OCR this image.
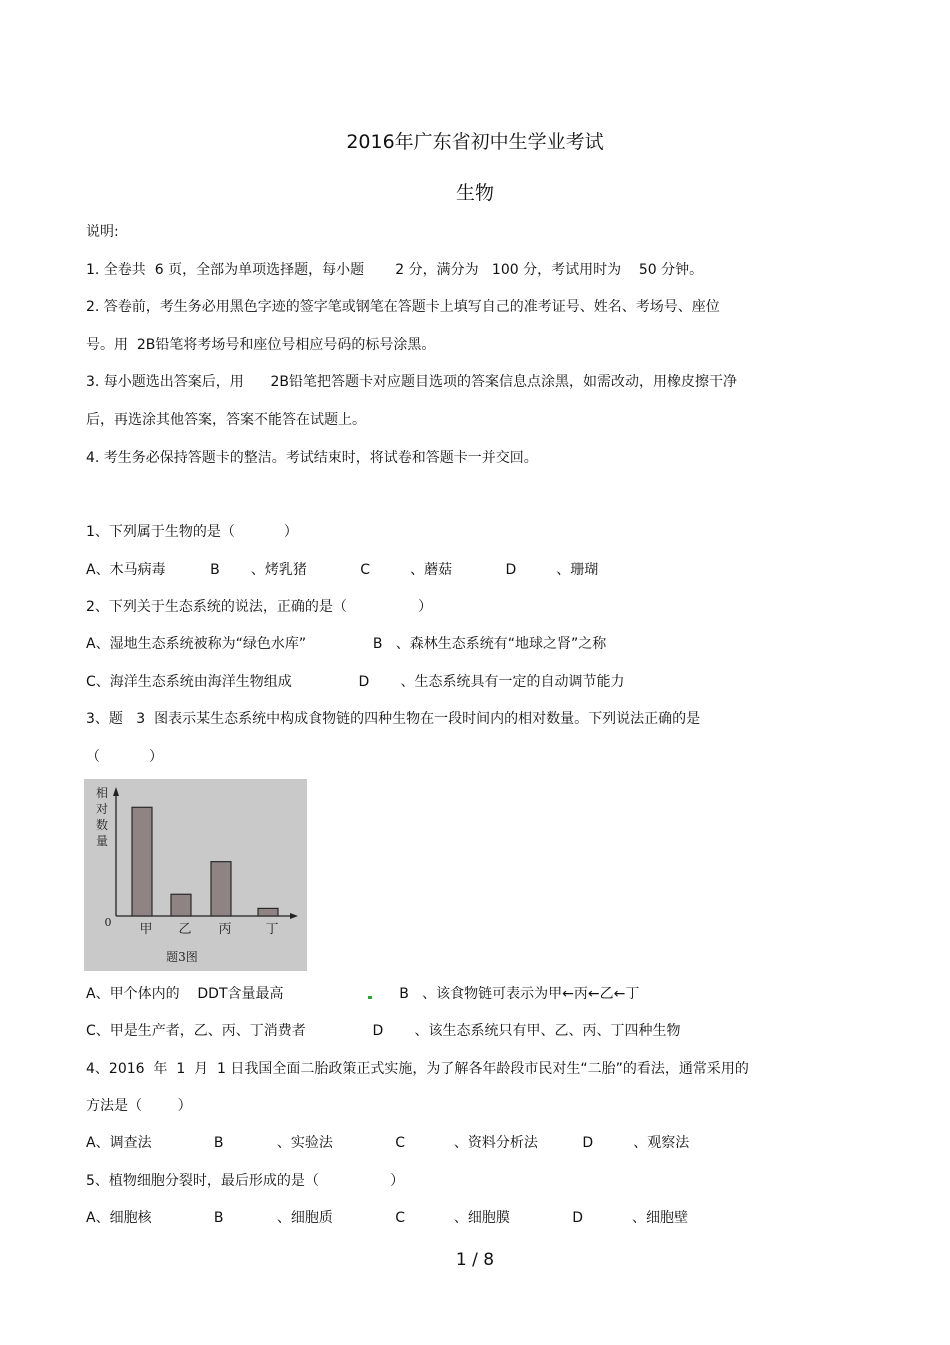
2016年广东省初中生学业考试
生物
说明:
1. 全卷共  6 页，全部为单项选择题，每小题       2 分，满分为   100 分，考试用时为    50 分钟。
2. 答卷前，考生务必用黑色字迹的签字笔或钢笔在答题卡上填写自己的准考证号、姓名、考场号、座位
号。用  2B铅笔将考场号和座位号相应号码的标号涂黑。
3. 每小题选出答案后，用      2B铅笔把答题卡对应题目选项的答案信息点涂黑，如需改动，用橡皮擦干净
后，再选涂其他答案，答案不能答在试题上。
4. 考生务必保持答题卡的整洁。考试结束时，将试卷和答题卡一并交回。
1、下列属于生物的是（           ）
A、木马病毒          B       、烤乳猪            C         、蘑菇            D         、珊瑚
2、下列关于生态系统的说法，正确的是（                ）
A、湿地生态系统被称为“绿色水库”               B   、森林生态系统有“地球之肾”之称
C、海洋生态系统由海洋生物组成               D       、生态系统具有一定的自动调节能力
3、题   3  图表示某生态系统中构成食物链的四种生物在一段时间内的相对数量。下列说法正确的是
（           ）
相
对
数
量
0 甲 乙 丙	丁
题3图
A、甲个体内的    DDT含量最高                          B   、该食物链可表示为甲←丙←乙←丁
C、甲是生产者，乙、丙、丁消费者               D       、该生态系统只有甲、乙、丙、丁四种生物
4、2016  年  1  月  1 日我国全面二胎政策正式实施，为了解各年龄段市民对生“二胎”的看法，通常采用的
方法是（        ）
A、调查法              B            、实验法              C           、资料分析法          D         、观察法
5、植物细胞分裂时，最后形成的是（                ）
A、细胞核              B            、细胞质              C           、细胞膜              D           、细胞壁
1 / 8
